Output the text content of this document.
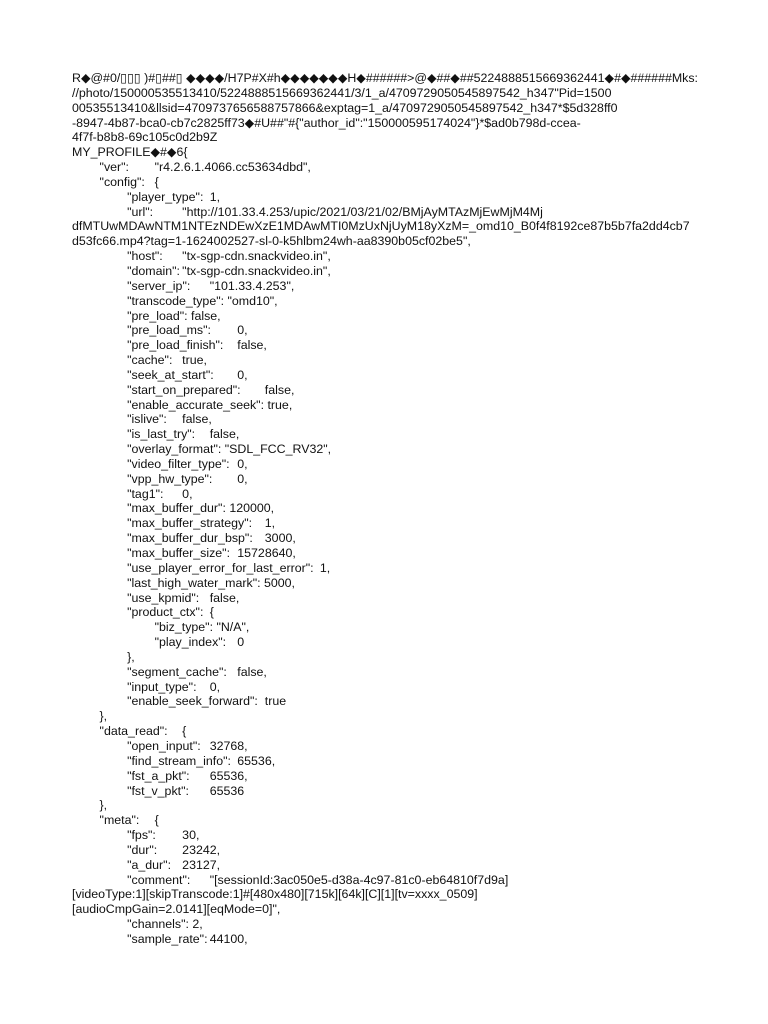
R◆@#0/▯▯▯ )#▯##▯ ◆◆◆◆/H7P#X#h◆◆◆◆◆◆◆H◆######>@◆##◆##5224888515669362441◆#◆######Mks:
//photo/150000535513410/5224888515669362441/3/1_a/4709729050545897542_h347"Pid=1500
00535513410&llsid=4709737656588757866&exptag=1_a/4709729050545897542_h347*$5d328ff0
-8947-4b87-bca0-cb7c2825ff73◆#U##"#{"author_id":"150000595174024"}*$ad0b798d-ccea-
4f7f-b8b8-69c105c0d2b9Z
MY_PROFILE◆#◆6{
	"ver":	"r4.2.6.1.4066.cc53634dbd",
	"config":	{
		"player_type":	1,
		"url":	"http://101.33.4.253/upic/2021/03/21/02/BMjAyMTAzMjEwMjM4Mj
dfMTUwMDAwNTM1NTEzNDEwXzE1MDAwMTI0MzUxNjUyM18yXzM=_omd10_B0f4f8192ce87b5b7fa2dd4cb7
d53fc66.mp4?tag=1-1624002527-sl-0-k5hlbm24wh-aa8390b05cf02be5",
		"host":	"tx-sgp-cdn.snackvideo.in",
		"domain":	"tx-sgp-cdn.snackvideo.in",
		"server_ip":	"101.33.4.253",
		"transcode_type": "omd10",
		"pre_load": false,
		"pre_load_ms":	0,
		"pre_load_finish":	false,
		"cache":	true,
		"seek_at_start":	0,
		"start_on_prepared":	false,
		"enable_accurate_seek": true,
		"islive":	false,
		"is_last_try":	false,
		"overlay_format": "SDL_FCC_RV32",
		"video_filter_type":	0,
		"vpp_hw_type":	0,
		"tag1":	0,
		"max_buffer_dur": 120000,
		"max_buffer_strategy":	1,
		"max_buffer_dur_bsp":	3000,
		"max_buffer_size":	15728640,
		"use_player_error_for_last_error":	1,
		"last_high_water_mark": 5000,
		"use_kpmid":	false,
		"product_ctx":	{
			"biz_type": "N/A",
			"play_index":	0
		},
		"segment_cache":	false,
		"input_type":	0,
		"enable_seek_forward":	true
	},
	"data_read":	{
		"open_input":	32768,
		"find_stream_info":	65536,
		"fst_a_pkt":	65536,
		"fst_v_pkt":	65536
	},
	"meta":	{
		"fps":	30,
		"dur":	23242,
		"a_dur":	23127,
		"comment":	"[sessionId:3ac050e5-d38a-4c97-81c0-eb64810f7d9a]
[videoType:1][skipTranscode:1]#[480x480][715k][64k][C][1][tv=xxxx_0509]
[audioCmpGain=2.0141][eqMode=0]",
		"channels": 2,
		"sample_rate":	44100,
